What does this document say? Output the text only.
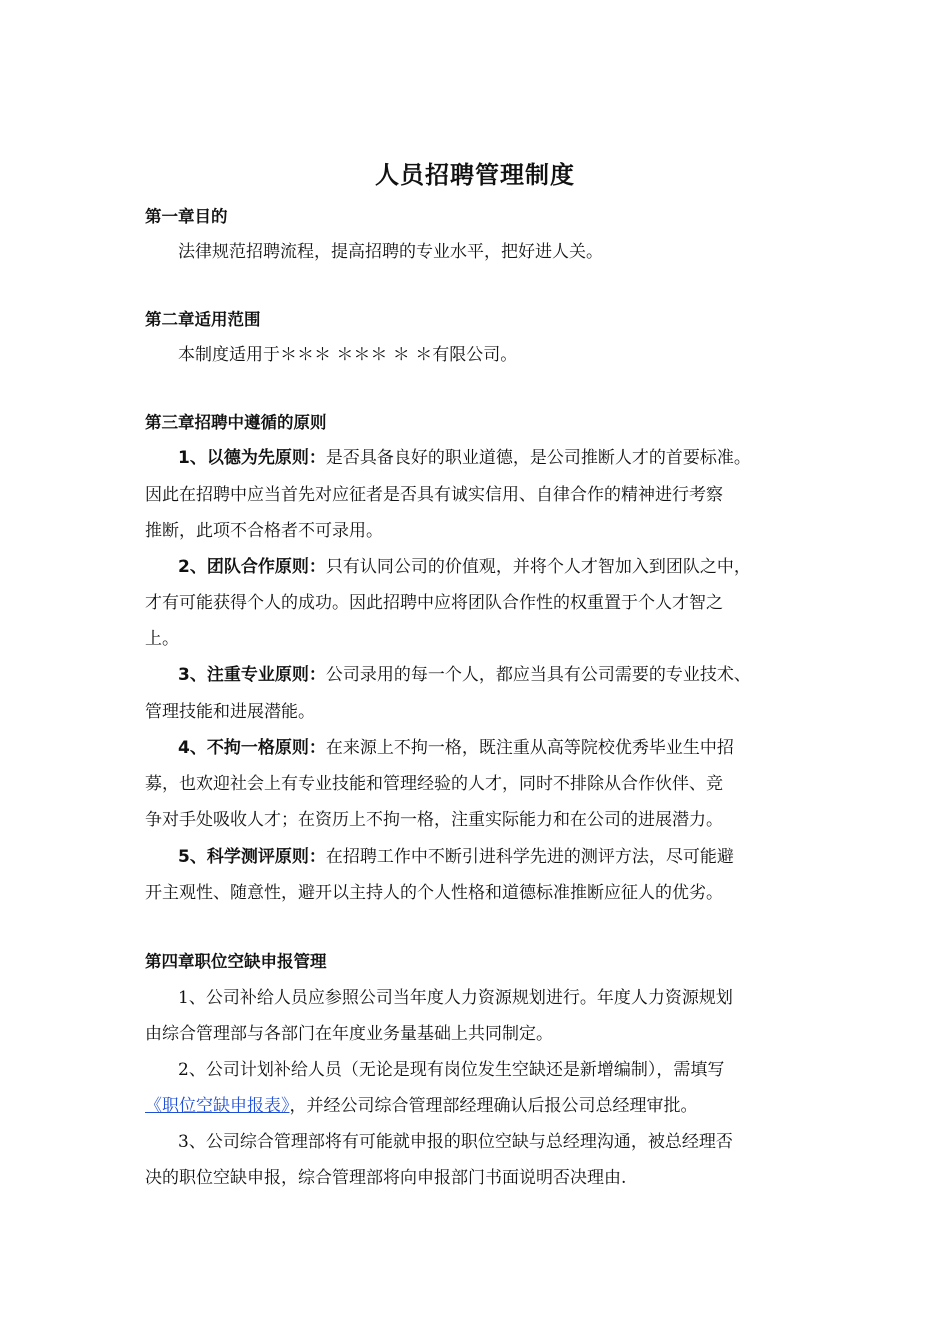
人员招聘管理制度
第一章目的
法律规范招聘流程，提高招聘的专业水平，把好进人关。
第二章适用范围
本制度适用于＊＊＊ ＊＊＊ ＊ ＊有限公司。
第三章招聘中遵循的原则
1、以德为先原则：是否具备良好的职业道德，是公司推断人才的首要标准。
因此在招聘中应当首先对应征者是否具有诚实信用、自律合作的精神进行考察
推断，此项不合格者不可录用。
2、团队合作原则：只有认同公司的价值观，并将个人才智加入到团队之中，
才有可能获得个人的成功。因此招聘中应将团队合作性的权重置于个人才智之
上。
3、注重专业原则：公司录用的每一个人，都应当具有公司需要的专业技术、
管理技能和进展潜能。
4、不拘一格原则：在来源上不拘一格，既注重从高等院校优秀毕业生中招
募，也欢迎社会上有专业技能和管理经验的人才，同时不排除从合作伙伴、竞
争对手处吸收人才；在资历上不拘一格，注重实际能力和在公司的进展潜力。
5、科学测评原则：在招聘工作中不断引进科学先进的测评方法，尽可能避
开主观性、随意性，避开以主持人的个人性格和道德标准推断应征人的优劣。
第四章职位空缺申报管理
1、公司补给人员应参照公司当年度人力资源规划进行。年度人力资源规划
由综合管理部与各部门在年度业务量基础上共同制定。
2、公司计划补给人员（无论是现有岗位发生空缺还是新增编制），需填写
《职位空缺申报表》，并经公司综合管理部经理确认后报公司总经理审批。
3、公司综合管理部将有可能就申报的职位空缺与总经理沟通，被总经理否
决的职位空缺申报，综合管理部将向申报部门书面说明否决理由.
